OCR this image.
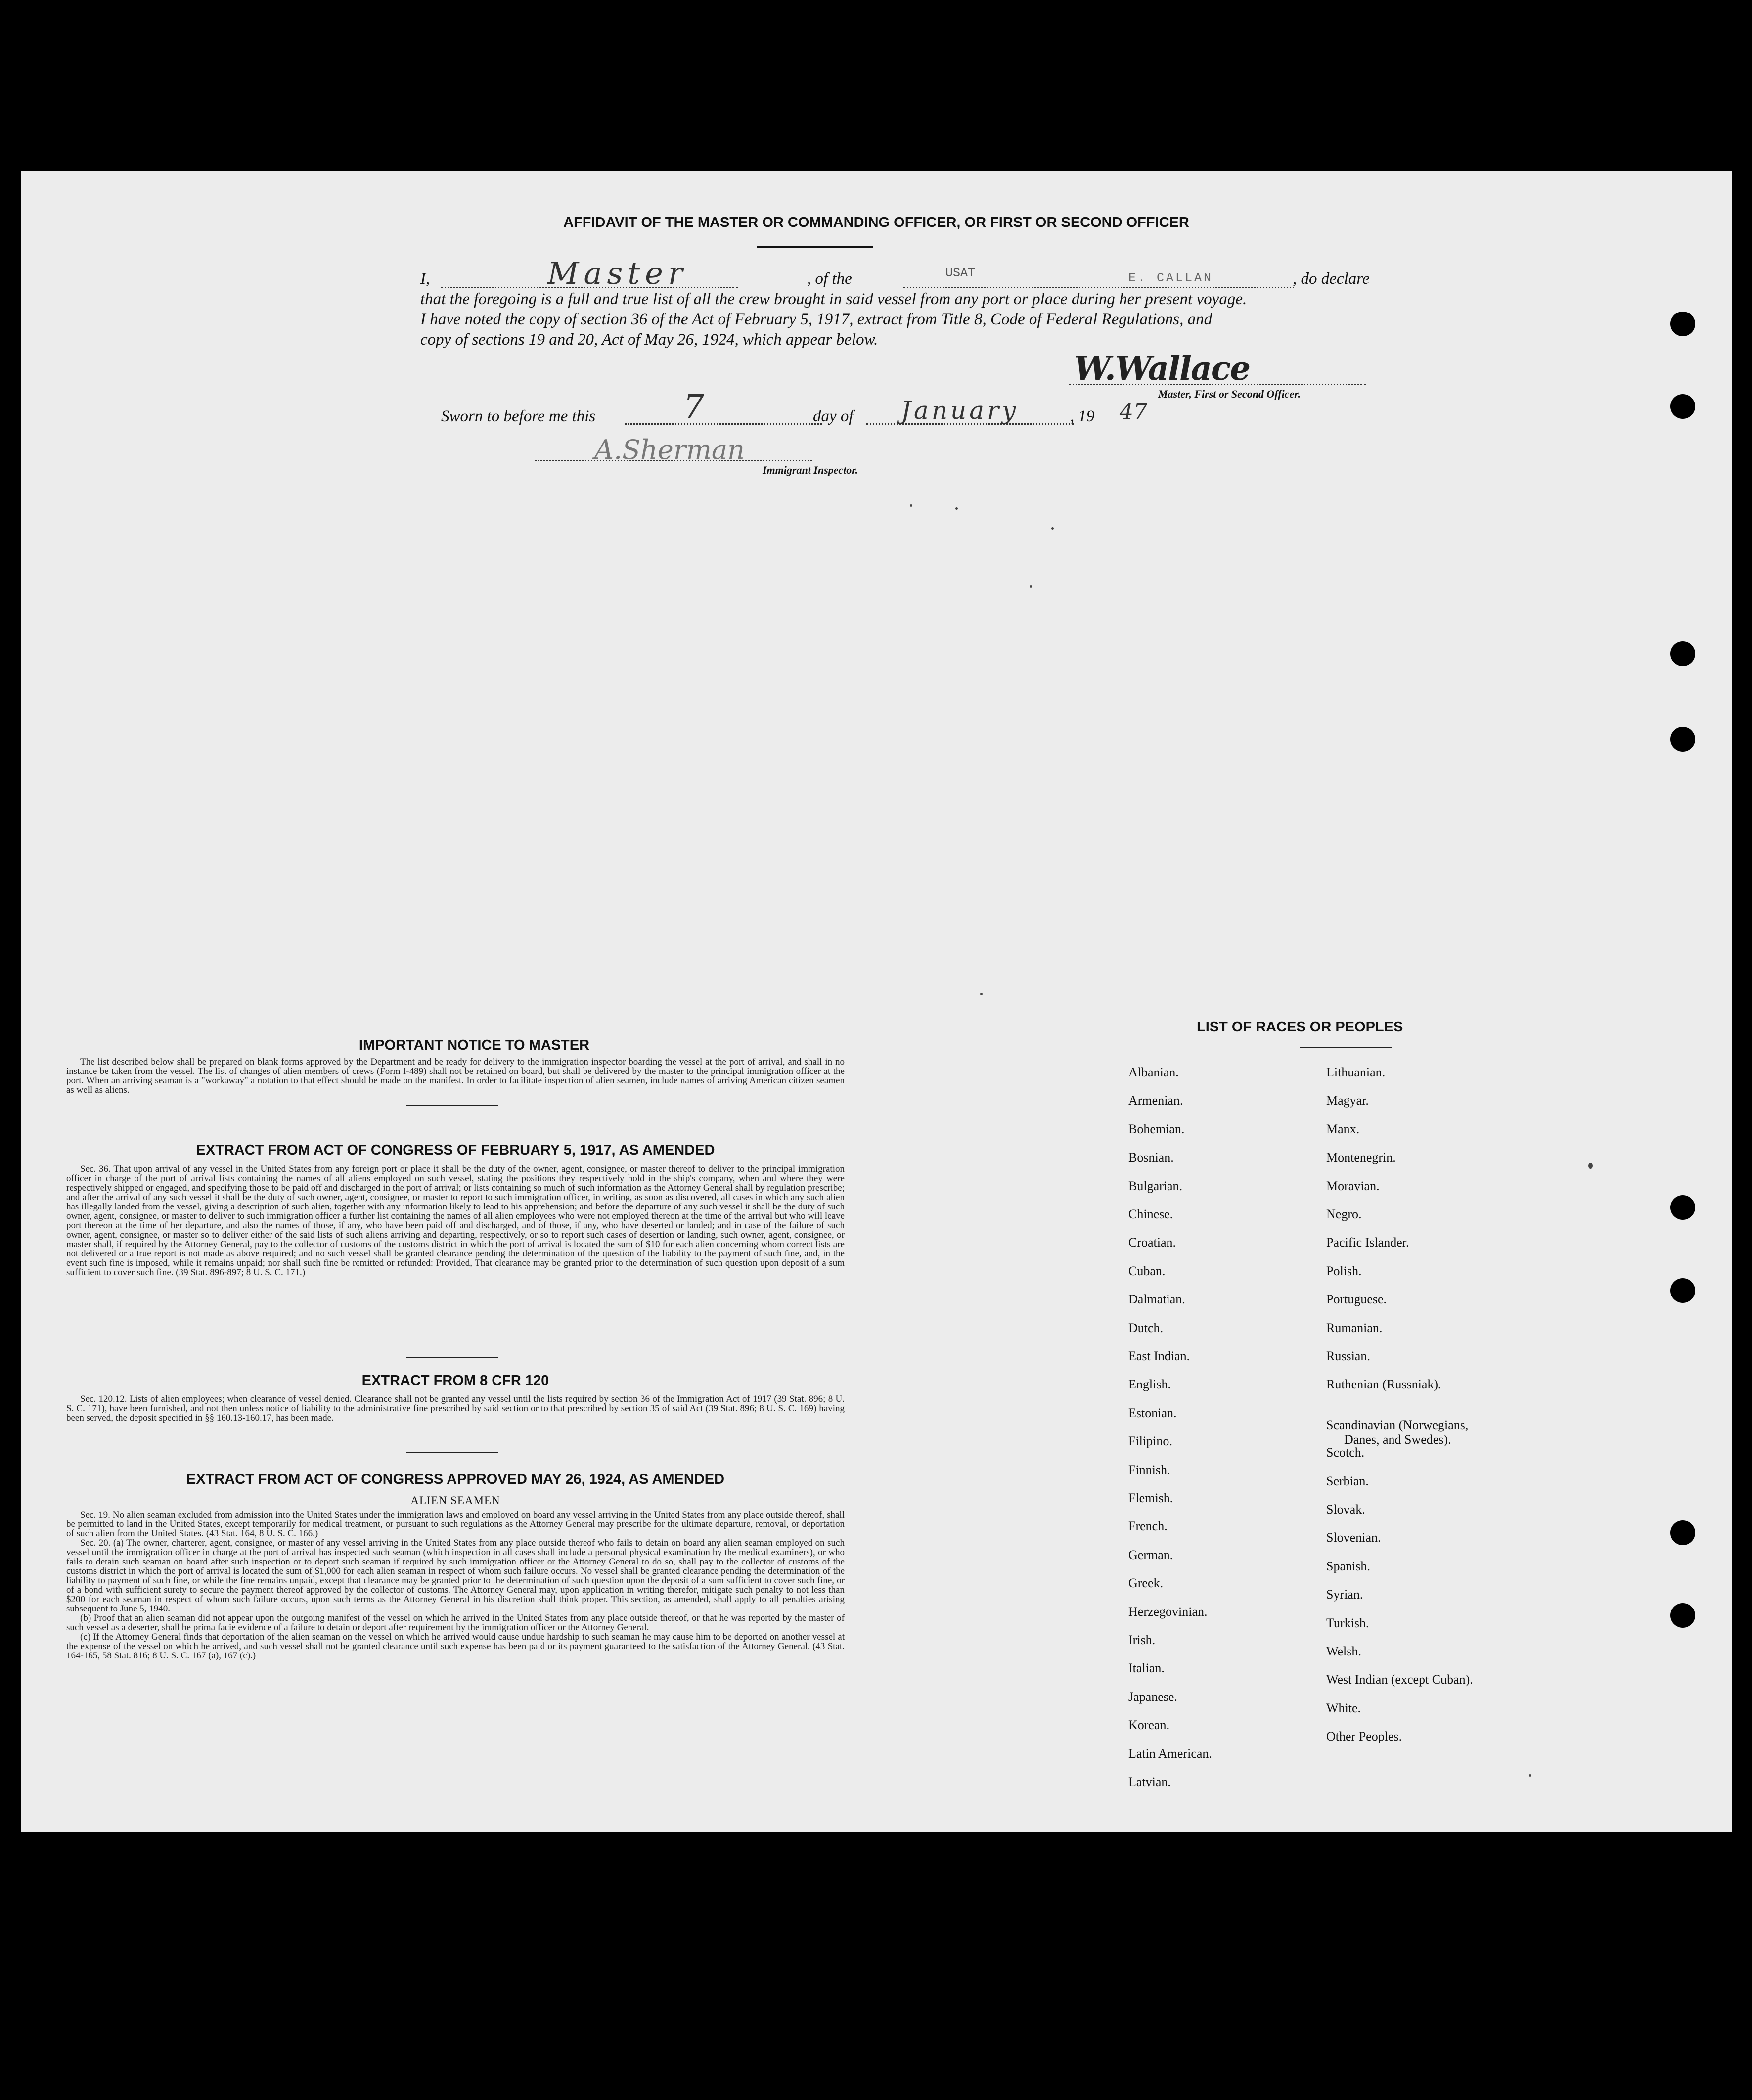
AFFIDAVIT OF THE MASTER OR COMMANDING OFFICER, OR FIRST OR SECOND OFFICER
I,	Master	, of the	USAT	E. CALLAN	, do declare
that the foregoing is a full and true list of all the crew brought in said vessel from any port or place during her present voyage.
I have noted the copy of section 36 of the Act of February 5, 1917, extract from Title 8, Code of Federal Regulations, and
copy of sections 19 and 20, Act of May 26, 1924, which appear below.
W.Wallace
Master, First or Second Officer.
Sworn to before me this	7	day of January	, 19 47
A.Sherman
Immigrant Inspector.
IMPORTANT NOTICE TO MASTER

The list described below shall be prepared on blank forms approved by the Department and be ready for delivery to the immigration inspector boarding the vessel at the port of arrival, and shall in no instance be taken from the vessel. The list of changes of alien members of crews (Form I-489) shall not be retained on board, but shall be delivered by the master to the principal immigration officer at the port. When an arriving seaman is a "workaway" a notation to that effect should be made on the manifest. In order to facilitate inspection of alien seamen, include names of arriving American citizen seamen as well as aliens.

EXTRACT FROM ACT OF CONGRESS OF FEBRUARY 5, 1917, AS AMENDED

Sec. 36. That upon arrival of any vessel in the United States from any foreign port or place it shall be the duty of the owner, agent, consignee, or master thereof to deliver to the principal immigration officer in charge of the port of arrival lists containing the names of all aliens employed on such vessel, stating the positions they respectively hold in the ship's company, when and where they were respectively shipped or engaged, and specifying those to be paid off and discharged in the port of arrival; or lists containing so much of such information as the Attorney General shall by regulation prescribe; and after the arrival of any such vessel it shall be the duty of such owner, agent, consignee, or master to report to such immigration officer, in writing, as soon as discovered, all cases in which any such alien has illegally landed from the vessel, giving a description of such alien, together with any information likely to lead to his apprehension; and before the departure of any such vessel it shall be the duty of such owner, agent, consignee, or master to deliver to such immigration officer a further list containing the names of all alien employees who were not employed thereon at the time of the arrival but who will leave port thereon at the time of her departure, and also the names of those, if any, who have been paid off and discharged, and of those, if any, who have deserted or landed; and in case of the failure of such owner, agent, consignee, or master so to deliver either of the said lists of such aliens arriving and departing, respectively, or so to report such cases of desertion or landing, such owner, agent, consignee, or master shall, if required by the Attorney General, pay to the collector of customs of the customs district in which the port of arrival is located the sum of $10 for each alien concerning whom correct lists are not delivered or a true report is not made as above required; and no such vessel shall be granted clearance pending the determination of the question of the liability to the payment of such fine, and, in the event such fine is imposed, while it remains unpaid; nor shall such fine be remitted or refunded: Provided, That clearance may be granted prior to the determination of such question upon deposit of a sum sufficient to cover such fine. (39 Stat. 896-897; 8 U. S. C. 171.)

EXTRACT FROM 8 CFR 120

Sec. 120.12. Lists of alien employees; when clearance of vessel denied. Clearance shall not be granted any vessel until the lists required by section 36 of the Immigration Act of 1917 (39 Stat. 896; 8 U. S. C. 171), have been furnished, and not then unless notice of liability to the administrative fine prescribed by said section or to that prescribed by section 35 of said Act (39 Stat. 896; 8 U. S. C. 169) having been served, the deposit specified in §§ 160.13-160.17, has been made.

EXTRACT FROM ACT OF CONGRESS APPROVED MAY 26, 1924, AS AMENDED
ALIEN SEAMEN

Sec. 19. No alien seaman excluded from admission into the United States under the immigration laws and employed on board any vessel arriving in the United States from any place outside thereof, shall be permitted to land in the United States, except temporarily for medical treatment, or pursuant to such regulations as the Attorney General may prescribe for the ultimate departure, removal, or deportation of such alien from the United States. (43 Stat. 164, 8 U. S. C. 166.)

Sec. 20. (a) The owner, charterer, agent, consignee, or master of any vessel arriving in the United States from any place outside thereof who fails to detain on board any alien seaman employed on such vessel until the immigration officer in charge at the port of arrival has inspected such seaman (which inspection in all cases shall include a personal physical examination by the medical examiners), or who fails to detain such seaman on board after such inspection or to deport such seaman if required by such immigration officer or the Attorney General to do so, shall pay to the collector of customs of the customs district in which the port of arrival is located the sum of $1,000 for each alien seaman in respect of whom such failure occurs. No vessel shall be granted clearance pending the determination of the liability to payment of such fine, or while the fine remains unpaid, except that clearance may be granted prior to the determination of such question upon the deposit of a sum sufficient to cover such fine, or of a bond with sufficient surety to secure the payment thereof approved by the collector of customs. The Attorney General may, upon application in writing therefor, mitigate such penalty to not less than $200 for each seaman in respect of whom such failure occurs, upon such terms as the Attorney General in his discretion shall think proper. This section, as amended, shall apply to all penalties arising subsequent to June 5, 1940.

(b) Proof that an alien seaman did not appear upon the outgoing manifest of the vessel on which he arrived in the United States from any place outside thereof, or that he was reported by the master of such vessel as a deserter, shall be prima facie evidence of a failure to detain or deport after requirement by the immigration officer or the Attorney General.

(c) If the Attorney General finds that deportation of the alien seaman on the vessel on which he arrived would cause undue hardship to such seaman he may cause him to be deported on another vessel at the expense of the vessel on which he arrived, and such vessel shall not be granted clearance until such expense has been paid or its payment guaranteed to the satisfaction of the Attorney General. (43 Stat. 164-165, 58 Stat. 816; 8 U. S. C. 167 (a), 167 (c).)

LIST OF RACES OR PEOPLES
Albanian.
Armenian.
Bohemian.
Bosnian.
Bulgarian.
Chinese.
Croatian.
Cuban.
Dalmatian.
Dutch.
East Indian.
English.
Estonian.
Filipino.
Finnish.
Flemish.
French.
German.
Greek.
Herzegovinian.
Irish.
Italian.
Japanese.
Korean.
Latin American.
Latvian.
Lithuanian.
Magyar.
Manx.
Montenegrin.
Moravian.
Negro.
Pacific Islander.
Polish.
Portuguese.
Rumanian.
Russian.
Ruthenian (Russniak).
Scandinavian (Norwegians,
Danes, and Swedes).
Scotch.
Serbian.
Slovak.
Slovenian.
Spanish.
Syrian.
Turkish.
Welsh.
West Indian (except Cuban).
White.
Other Peoples.
